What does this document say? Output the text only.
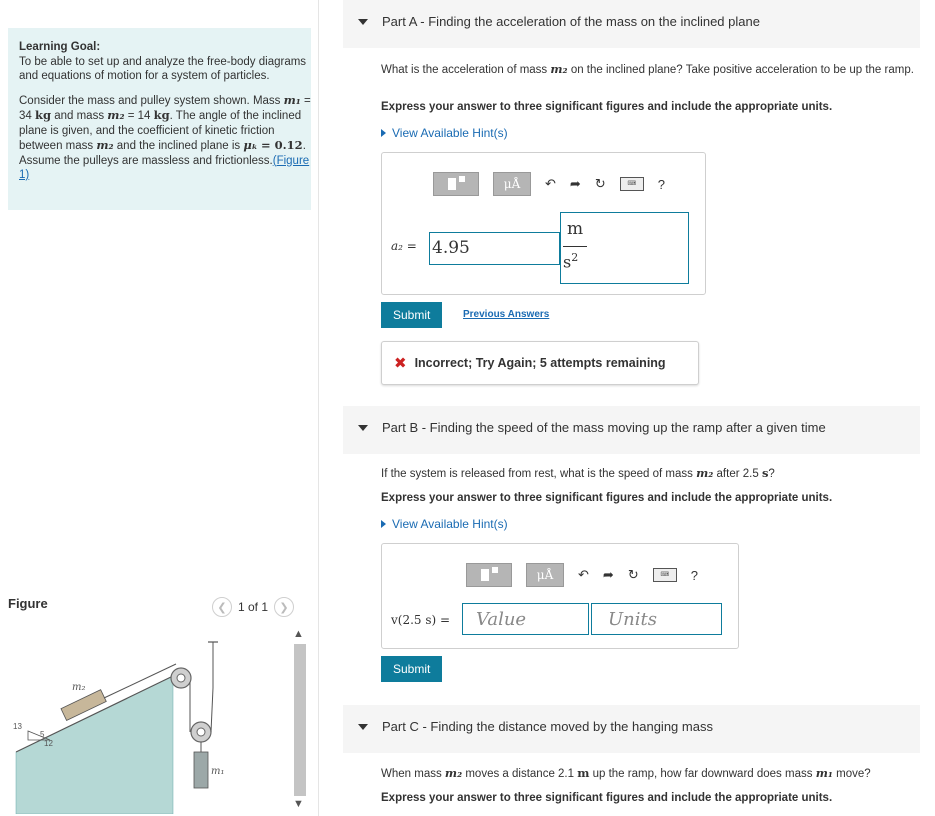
Learning Goal:

To be able to set up and analyze the free-body diagrams and equations of motion for a system of particles.

Consider the mass and pulley system shown. Mass m₁ = 34 kg and mass m₂ = 14 kg. The angle of the inclined plane is given, and the coefficient of kinetic friction between mass m₂ and the inclined plane is μₖ = 0.12. Assume the pulleys are massless and frictionless.(Figure 1)

Figure	❮ 1 of 1	❯
m₂
m₁
13
5
12
▲
▼
Part A - Finding the acceleration of the mass on the inclined plane
What is the acceleration of mass m₂ on the inclined plane? Take positive acceleration to be up the ramp.
Express your answer to three significant figures and include the appropriate units.
View Available Hint(s)
μÅ	↶ ➦ ↻	⌨	?
a₂ = 4.95
m
$s^2$
Submit	Previous Answers
✖ Incorrect; Try Again; 5 attempts remaining
Part B - Finding the speed of the mass moving up the ramp after a given time
If the system is released from rest, what is the speed of mass m₂ after 2.5 s?
Express your answer to three significant figures and include the appropriate units.
View Available Hint(s)
μÅ	↶ ➦ ↻	⌨	?
v(2.5 s) =	Value	Units
Submit
Part C - Finding the distance moved by the hanging mass
When mass m₂ moves a distance 2.1 m up the ramp, how far downward does mass m₁ move?
Express your answer to three significant figures and include the appropriate units.
